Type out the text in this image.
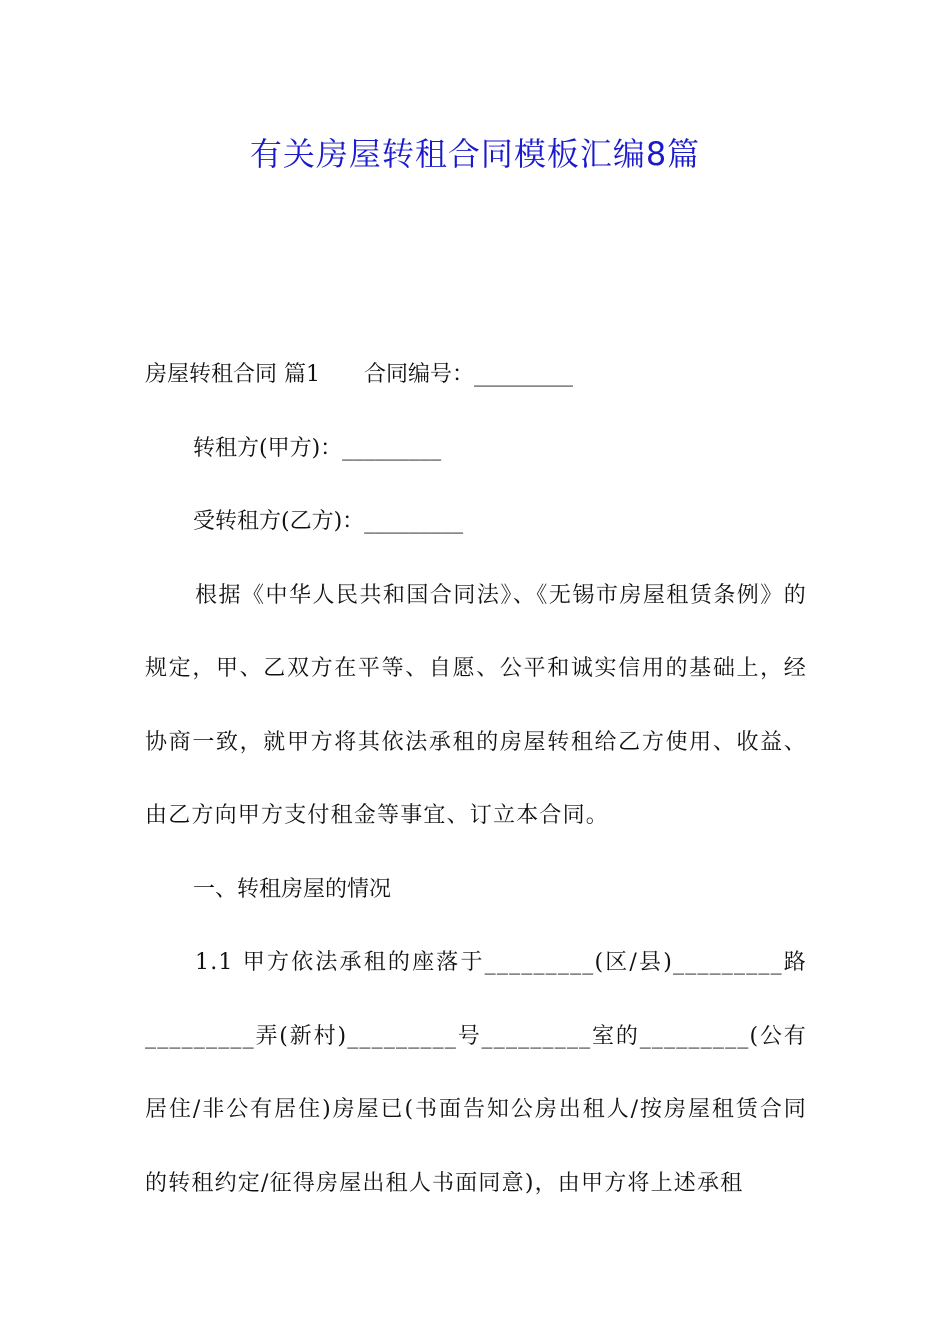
有关房屋转租合同模板汇编8篇
房屋转租合同 篇1 合同编号：_________
转租方(甲方)：_________
受转租方(乙方)：_________
根据《中华人民共和国合同法》、《无锡市房屋租赁条例》的规定，甲、乙双方在平等、自愿、公平和诚实信用的基础上，经协商一致，就甲方将其依法承租的房屋转租给乙方使用、收益、由乙方向甲方支付租金等事宜、订立本合同。
一、转租房屋的情况
1.1 甲方依法承租的座落于_________(区/县)_________路_________弄(新村)_________号_________室的_________(公有居住/非公有居住)房屋已(书面告知公房出租人/按房屋租赁合同的转租约定/征得房屋出租人书面同意)，由甲方将上述承租
